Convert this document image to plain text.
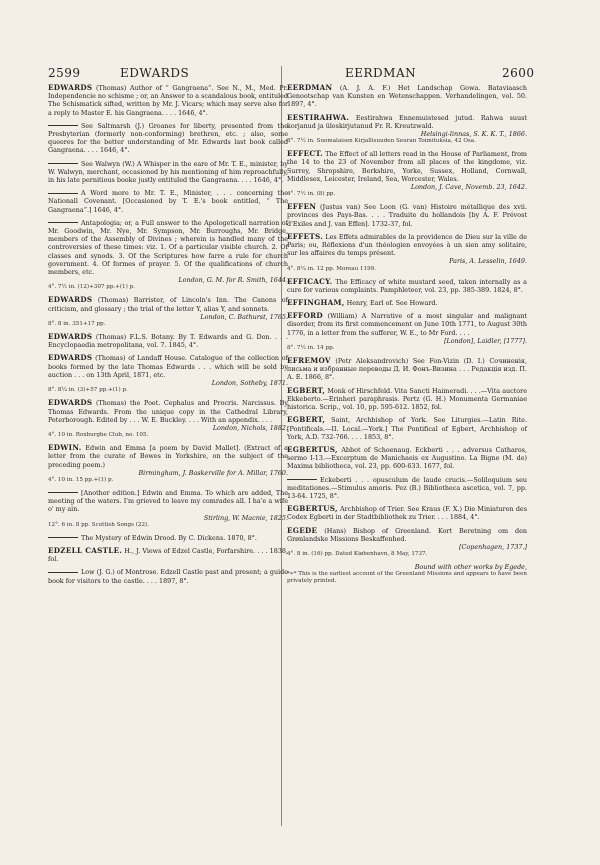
2599	EDWARDS	EERDMAN	2600
EDWARDS (Thomas) Author of “ Gangraena”. See N., M., Med. Pr. Independencie no schisme ; or, an Answer to a scandalous book, entituled The Schismatick sifted, written by Mr. J. Vicars; which may serve also for a reply to Master E. his Gangraena. . . . 1646, 4°.
See Saltmarsh (J.) Groanes for liberty, presented from the Presbyterian (formerly non-conforming) brethren, etc. ; also, some queeres for the better understanding of Mr. Edwards last book called Gangraena. . . . 1646, 4°.
See Walwyn (W.) A Whisper in the eare of Mr. T. E., minister, by W. Walwyn, merchant, occasioned by his mentioning of him reproachfully, in his late pernitious booke justly entituled the Gangraena. . . . 1646, 4°.
A Word more to Mr. T. E., Minister, . . . concerning the Nationall Covenant. [Occasioned by T. E.'s book entitled, “ The Gangraena”.] 1646, 4°.
Antapologia; or, a Full answer to the Apologeticall narration of Mr. Goodwin, Mr. Nye, Mr. Sympson, Mr. Burroughs, Mr. Bridge, members of the Assembly of Divines ; wherein is handled many of the controversies of these times: viz. 1. Of a particular visible church. 2. Of classes and synods. 3. Of the Scriptures how farre a rule for church government. 4. Of formes of prayer. 5. Of the qualifications of church members, etc.
London, G. M. for R. Smith, 1644.
4°. 7½ in. (12)+307 pp.+(1) p.
EDWARDS (Thomas) Barrister, of Lincoln's Inn. The Canons of criticism, and glossary ; the trial of the letter Y, alias Y, and sonnets.
London, C. Bathurst, 1765.
8°. 8 in. 351+17 pp.
EDWARDS (Thomas) F.L.S. Botany. By T. Edwards and G. Don. . . . Encyclopaedia metropolitana, vol. 7. 1845, 4°.
EDWARDS (Thomas) of Landaff House. Catalogue of the collection of books formed by the late Thomas Edwards . . . which will be sold by auction . . . on 13th April, 1871, etc.
London, Sotheby, 1871.
8°. 8¼ in. (3)+57 pp.+(1) p.
EDWARDS (Thomas) the Poet. Cephalus and Procris. Narcissus. By Thomas Edwards. From the unique copy in the Cathedral Library, Peterborough. Edited by . . . W. E. Buckley. . . . With an appendix. . . .
London, Nichols, 1882.
4°. 10 in. Roxburghe Club, no. 105.
EDWIN. Edwin and Emma [a poem by David Mallet]. (Extract of a letter from the curate of Bowes in Yorkshire, on the subject of the preceding poem.)
Birmingham, J. Baskerville for A. Millar, 1760.
4°. 10 in. 15 pp.+(1) p.
[Another edition.] Edwin and Emma. To which are added, The meeting of the waters. I'm grieved to leave my comrades all. I ha'e a wife o' my ain.
Stirling, W. Macnie, 1825.
12°. 6 in. 8 pp. Scottish Songs (22).
The Mystery of Edwin Drood. By C. Dickens. 1870, 8°.
EDZELL CASTLE. H., J. Views of Edzel Castle, Forfarshire. . . . 1838, fol.
Low (J. G.) of Montrose. Edzell Castle past and present; a guide book for visitors to the castle. . . . 1897, 8°.
EERDMAN (A. J. A. F.) Het Landschap Gowa. Bataviaasch Genootschap van Kunsten en Wetenschappen. Verhandelingen, vol. 50. 1897, 4°.
EESTIRAHWA. Eestirahwa Ennemuistesed jutud. Rahwa suust korjanud ja üleskirjutanud Fr. R. Kreutzwald.
Helsingi-linnas, S. K. K. T., 1866.
8°. 7½ in. Suomalaisen Kirjallisuuden Seuran Toimituksia, 42 Osa.
EFFECT. The Effect of all letters read in the House of Parliament, from the 14 to the 23 of November from all places of the kingdome, viz. Surrey, Shropshire, Berkshire, Yorke, Sussex, Holland, Cornwall, Middlesex, Leicester, Ireland, Sea, Worcester, Wales.
London, J. Cave, Novemb. 23, 1642.
4°. 7½ in. (8) pp.
EFFEN (Justus van) See Loon (G. van) Histoire métallique des xvii. provinces des Pays-Bas. . . . Traduite du hollandois [by A. F. Prévost d'Exiles and J. van Effen]. 1732-37, fol.
EFFETS. Les Effets admirables de la providence de Dieu sur la ville de Paris; ou, Réflexions d'un théologien envoyées à un sien amy solitaire, sur les affaires du temps présent.
Paris, A. Lesselin, 1649.
4°. 8¼ in. 12 pp. Moreau 1199.
EFFICACY. The Efficacy of white mustard seed, taken internally as a cure for various complaints. Pamphleteer, vol. 23, pp. 385-389. 1824, 8°.
EFFINGHAM, Henry, Earl of. See Howard.
EFFORD (William) A Narrative of a most singular and malignant disorder, from its first commencement on June 10th 1771, to August 30th 1776, in a letter from the sufferer, W. E., to Mr Ford. . . .
[London], Laidler, [1777].
8°. 7½ in. 14 pp.
EFREMOV (Petr Aleksandrovich) See Fon-Vizin (D. I.) Сочиненія, письма и избранные переводы Д. И. Фонъ-Визина . . . Редакція изд. П. А. Е. 1866, 8°.
EGBERT, Monk of Hirschfeld. Vita Sancti Haimeradi. . . .—Vita auctore Ekkeberto.—Erinheri paraphrasis. Pertz (G. H.) Monumenta Germaniae historica. Scrip., vol. 10, pp. 595-612. 1852, fol.
EGBERT, Saint, Archbishop of York. See Liturgies.—Latin Rite. [Pontificals.—II. Local.—York.] The Pontifical of Egbert, Archbishop of York, A.D. 732-766. . . . 1853, 8°.
EGBERTUS, Abbot of Schoenaug. Eckberti . . . adversus Catharos, sermo I-13.—Excerptum de Manichaeis ex Augustino. La Bigne (M. de) Maxima bibliotheca, vol. 23, pp. 600-633. 1677, fol.
Eckeberti . . . opusculum de laude crucis.—Soliloquium seu meditationes.—Stimulus amoris. Pez (B.) Bibliotheca ascetica, vol. 7, pp. 13-64. 1725, 8°.
EGBERTUS, Archbishop of Trier. See Kraus (F. X.) Die Miniaturen des Codex Egberti in der Stadtbibliothek zu Trier. . . . 1884, 4°.
EGEDE (Hans) Bishop of Greenland. Kort Beretning om den Grønlandske Missions Beskaffenhed.
[Copenhagen, 1737.]
4°. 8 in. (16) pp. Dated Kiøbenhavn, 8 May, 1737.
Bound with other works by Egede,
*∗* This is the earliest account of the Greenland Missions and appears to have been privately printed.
